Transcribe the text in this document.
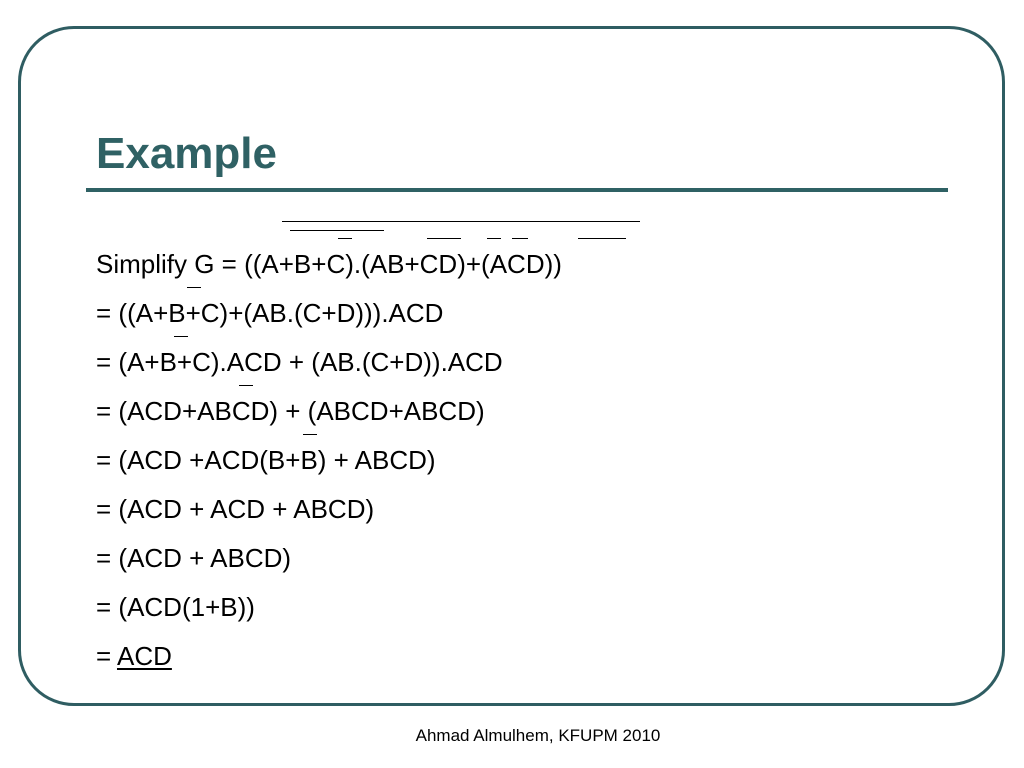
Example
Simplify G = ((A+B+C).(AB+CD)+(ACD))
= ((A+B+C)+(AB.(C+D))).ACD
= (A+B+C).ACD + (AB.(C+D)).ACD
= (ACD+ABCD) + (ABCD+ABCD)
= (ACD +ACD(B+B) + ABCD)
= (ACD + ACD + ABCD)
= (ACD + ABCD)
= (ACD(1+B))
= ACD
Ahmad Almulhem, KFUPM 2010
